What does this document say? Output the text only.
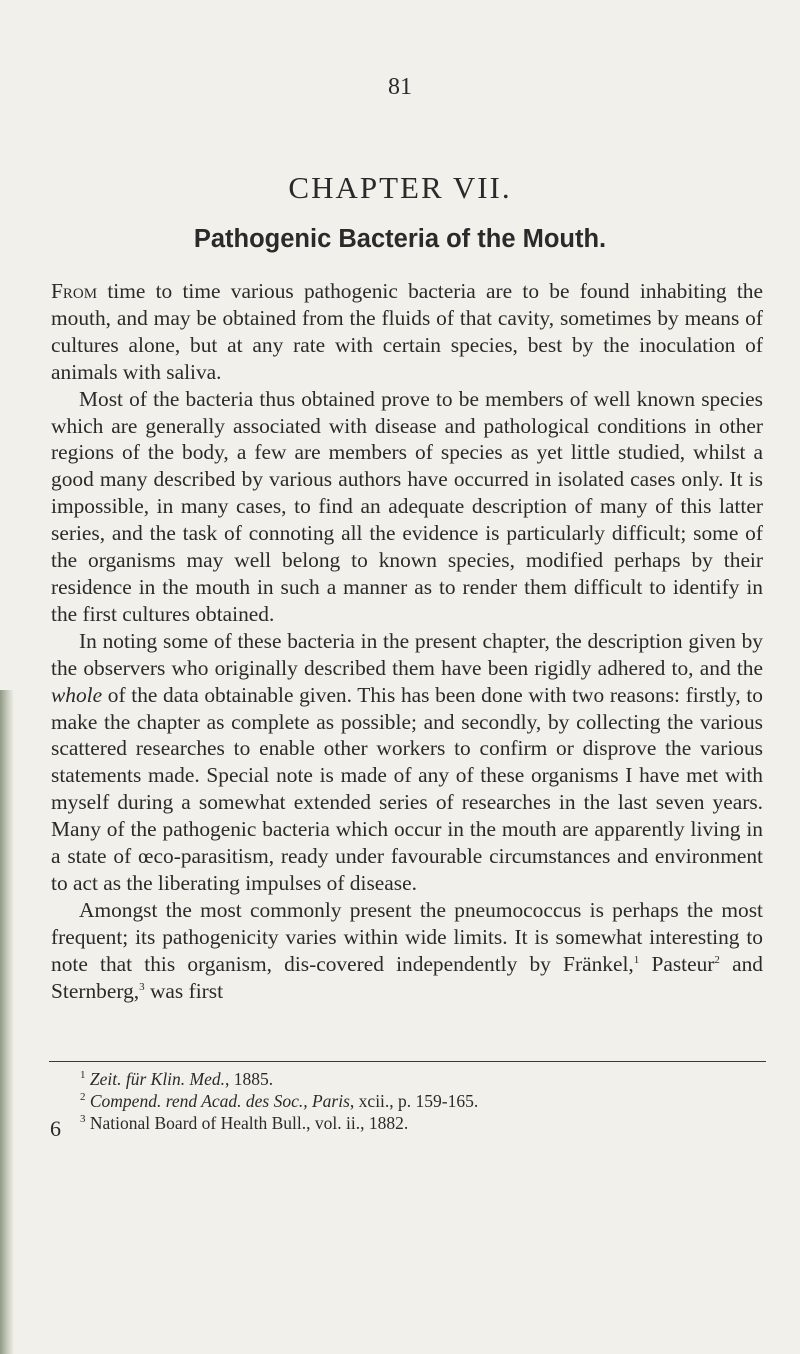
81
CHAPTER VII.
Pathogenic Bacteria of the Mouth.

From time to time various pathogenic bacteria are to be found inhabiting the mouth, and may be obtained from the fluids of that cavity, sometimes by means of cultures alone, but at any rate with certain species, best by the inoculation of animals with saliva.

Most of the bacteria thus obtained prove to be members of well known species which are generally associated with disease and pathological conditions in other regions of the body, a few are members of species as yet little studied, whilst a good many described by various authors have occurred in isolated cases only. It is impossible, in many cases, to find an adequate description of many of this latter series, and the task of connoting all the evidence is particularly difficult; some of the organisms may well belong to known species, modified perhaps by their residence in the mouth in such a manner as to render them difficult to identify in the first cultures obtained.

In noting some of these bacteria in the present chapter, the description given by the observers who originally described them have been rigidly adhered to, and the whole of the data obtainable given. This has been done with two reasons: firstly, to make the chapter as complete as possible; and secondly, by collecting the various scattered researches to enable other workers to confirm or disprove the various statements made. Special note is made of any of these organisms I have met with myself during a somewhat extended series of researches in the last seven years. Many of the pathogenic bacteria which occur in the mouth are apparently living in a state of œco-parasitism, ready under favourable circumstances and environment to act as the liberating impulses of disease.

Amongst the most commonly present the pneumococcus is perhaps the most frequent; its pathogenicity varies within wide limits. It is somewhat interesting to note that this organism, dis-covered independently by Fränkel,$^1$ Pasteur$^2$ and Sternberg,$^3$ was first

$^1$ Zeit. für Klin. Med., 1885.
$^2$ Compend. rend Acad. des Soc., Paris, xcii., p. 159-165.
$^3$ National Board of Health Bull., vol. ii., 1882.
6
